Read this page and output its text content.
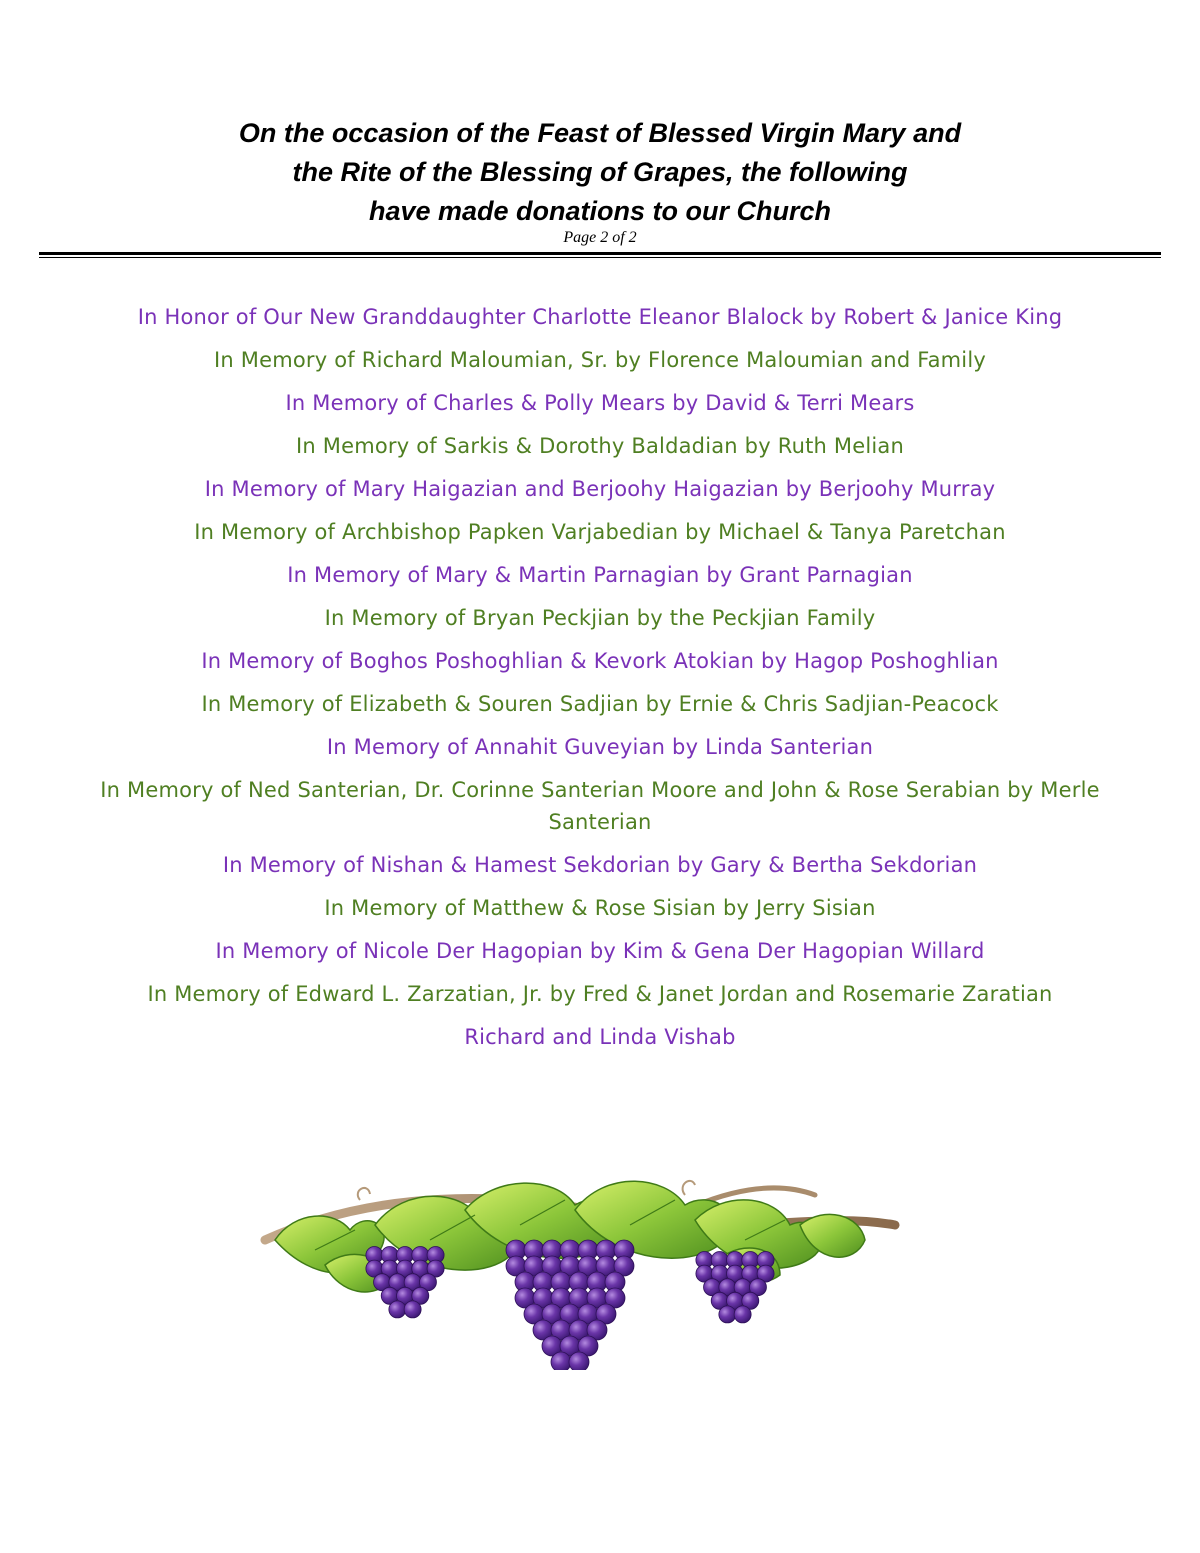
On the occasion of the Feast of Blessed Virgin Mary and
the Rite of the Blessing of Grapes, the following
have made donations to our Church
Page 2 of 2
In Honor of Our New Granddaughter Charlotte Eleanor Blalock by Robert & Janice King
In Memory of Richard Maloumian, Sr. by Florence Maloumian and Family
In Memory of Charles & Polly Mears by David & Terri Mears
In Memory of Sarkis & Dorothy Baldadian by Ruth Melian
In Memory of Mary Haigazian and Berjoohy Haigazian by Berjoohy Murray
In Memory of Archbishop Papken Varjabedian by Michael & Tanya Paretchan
In Memory of Mary & Martin Parnagian by Grant Parnagian
In Memory of Bryan Peckjian by the Peckjian Family
In Memory of Boghos Poshoghlian & Kevork Atokian by Hagop Poshoghlian
In Memory of Elizabeth & Souren Sadjian by Ernie & Chris Sadjian-Peacock
In Memory of Annahit Guveyian by Linda Santerian
In Memory of Ned Santerian, Dr. Corinne Santerian Moore and John & Rose Serabian by Merle Santerian
In Memory of Nishan & Hamest Sekdorian by Gary & Bertha Sekdorian
In Memory of Matthew & Rose Sisian by Jerry Sisian
In Memory of Nicole Der Hagopian by Kim & Gena Der Hagopian Willard
In Memory of Edward L. Zarzatian, Jr. by Fred & Janet Jordan and Rosemarie Zaratian
Richard and Linda Vishab
